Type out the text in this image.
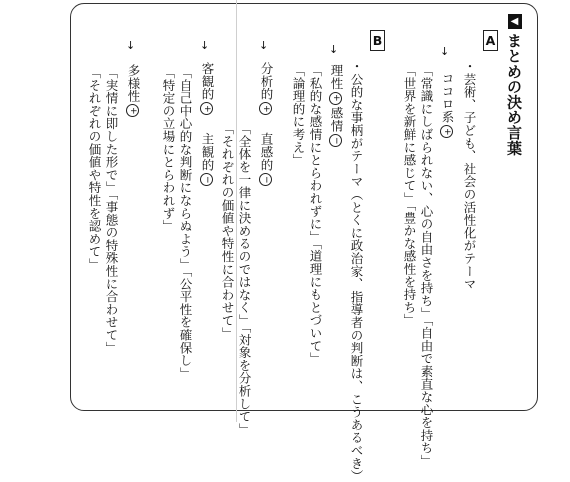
◀まとめの決め言葉
A
・芸術、子ども、社会の活性化がテーマ
↓
ココロ系+
「常識にしばられない、心の自由さを持ち」「自由で素直な心を持ち」
「世界を新鮮に感じて」「豊かな感性を持ち」
B
・公的な事柄がテーマ（とくに政治家、指導者の判断は、こうあるべき）
↓
理性+感情−
「私的な感情にとらわれずに」「道理にもとづいて」
「論理的に考え」
↓
分析的+ 直感的−
「全体を一律に決めるのではなく」「対象を分析して」
「それぞれの価値や特性に合わせて」
↓
客観的+ 主観的−
「自己中心的な判断にならぬよう」「公平性を確保し」
「特定の立場にとらわれず」
↓
多様性+
「実情に即した形で」「事態の特殊性に合わせて」
「それぞれの価値や特性を認めて」
